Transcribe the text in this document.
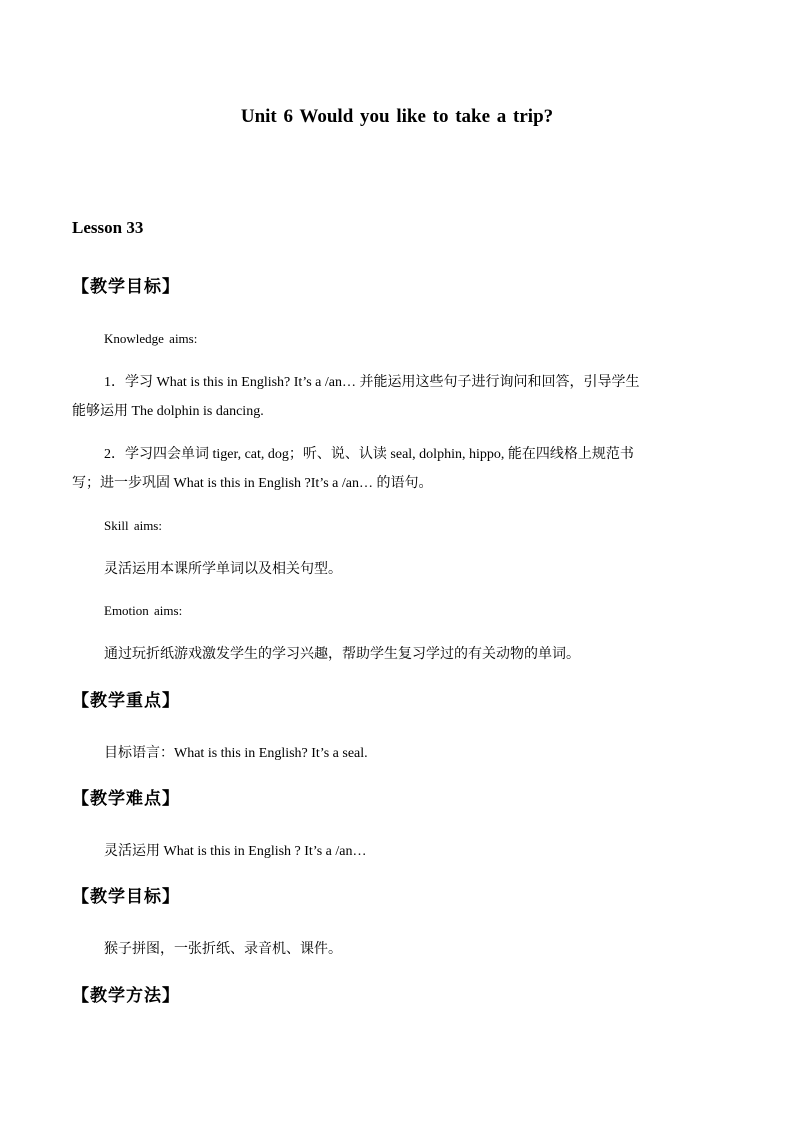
Unit 6 Would you like to take a trip?
Lesson 33
【教学目标】
Knowledge aims:
1．学习 What is this in English? It’s a /an… 并能运用这些句子进行询问和回答，引导学生
能够运用 The dolphin is dancing.
2．学习四会单词 tiger, cat, dog；听、说、认读 seal, dolphin, hippo, 能在四线格上规范书
写；进一步巩固 What is this in English ?It’s a /an… 的语句。
Skill aims:
灵活运用本课所学单词以及相关句型。
Emotion aims:
通过玩折纸游戏激发学生的学习兴趣，帮助学生复习学过的有关动物的单词。
【教学重点】
目标语言：What is this in English? It’s a seal.
【教学难点】
灵活运用 What is this in English ? It’s a /an…
【教学目标】
猴子拼图，一张折纸、录音机、课件。
【教学方法】
